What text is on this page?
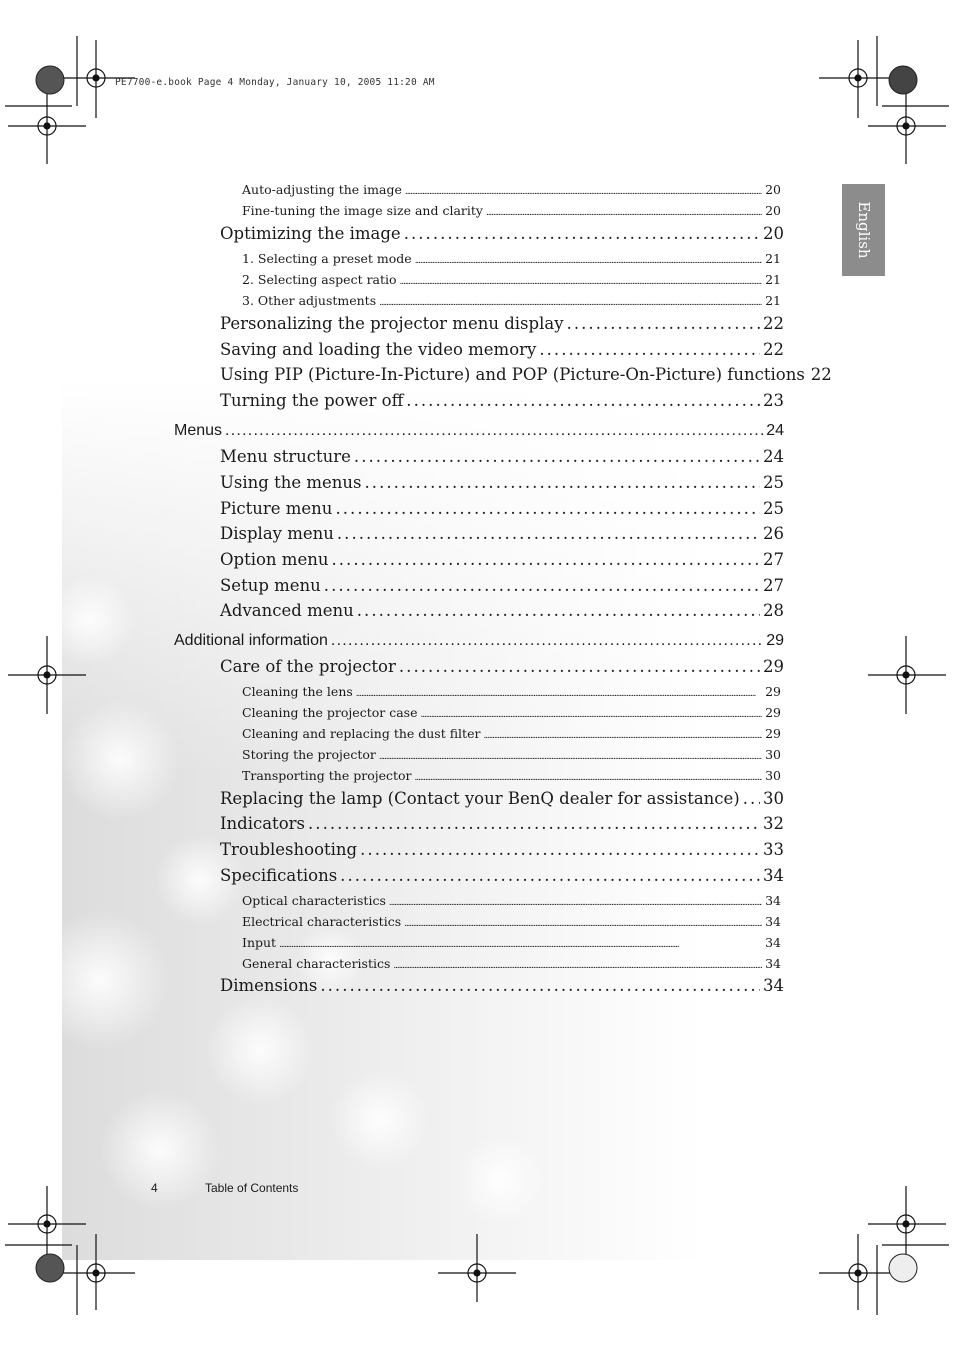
PE7700-e.book Page 4 Monday, January 10, 2005 11:20 AM
English
Auto-adjusting the image . . .	20
Fine-tuning the image size and clarity . . .	20
Optimizing the image . . .	20
1. Selecting a preset mode . . .	21
2. Selecting aspect ratio . . .	21
3. Other adjustments . . .	21
Personalizing the projector menu display . . .	22
Saving and loading the video memory . . .	22
Using PIP (Picture-In-Picture) and POP (Picture-On-Picture) functions 22
Turning the power off . . .	23
Menus . . .	24
Menu structure . . .	24
Using the menus . . .	25
Picture menu . . .	25
Display menu . . .	26
Option menu . . .	27
Setup menu . . .	27
Advanced menu . . .	28
Additional information . . .	29
Care of the projector . . .	29
Cleaning the lens . . .	29
Cleaning the projector case . . .	29
Cleaning and replacing the dust filter . . .	29
Storing the projector . . .	30
Transporting the projector . . .	30
Replacing the lamp (Contact your BenQ dealer for assistance) . . . 30
Indicators . . .	32
Troubleshooting . . .	33
Specifications . . .	34
Optical characteristics . . .	34
Electrical characteristics . . .	34
Input . . .	34
General characteristics . . .	34
Dimensions . . .	34
4	Table of Contents
